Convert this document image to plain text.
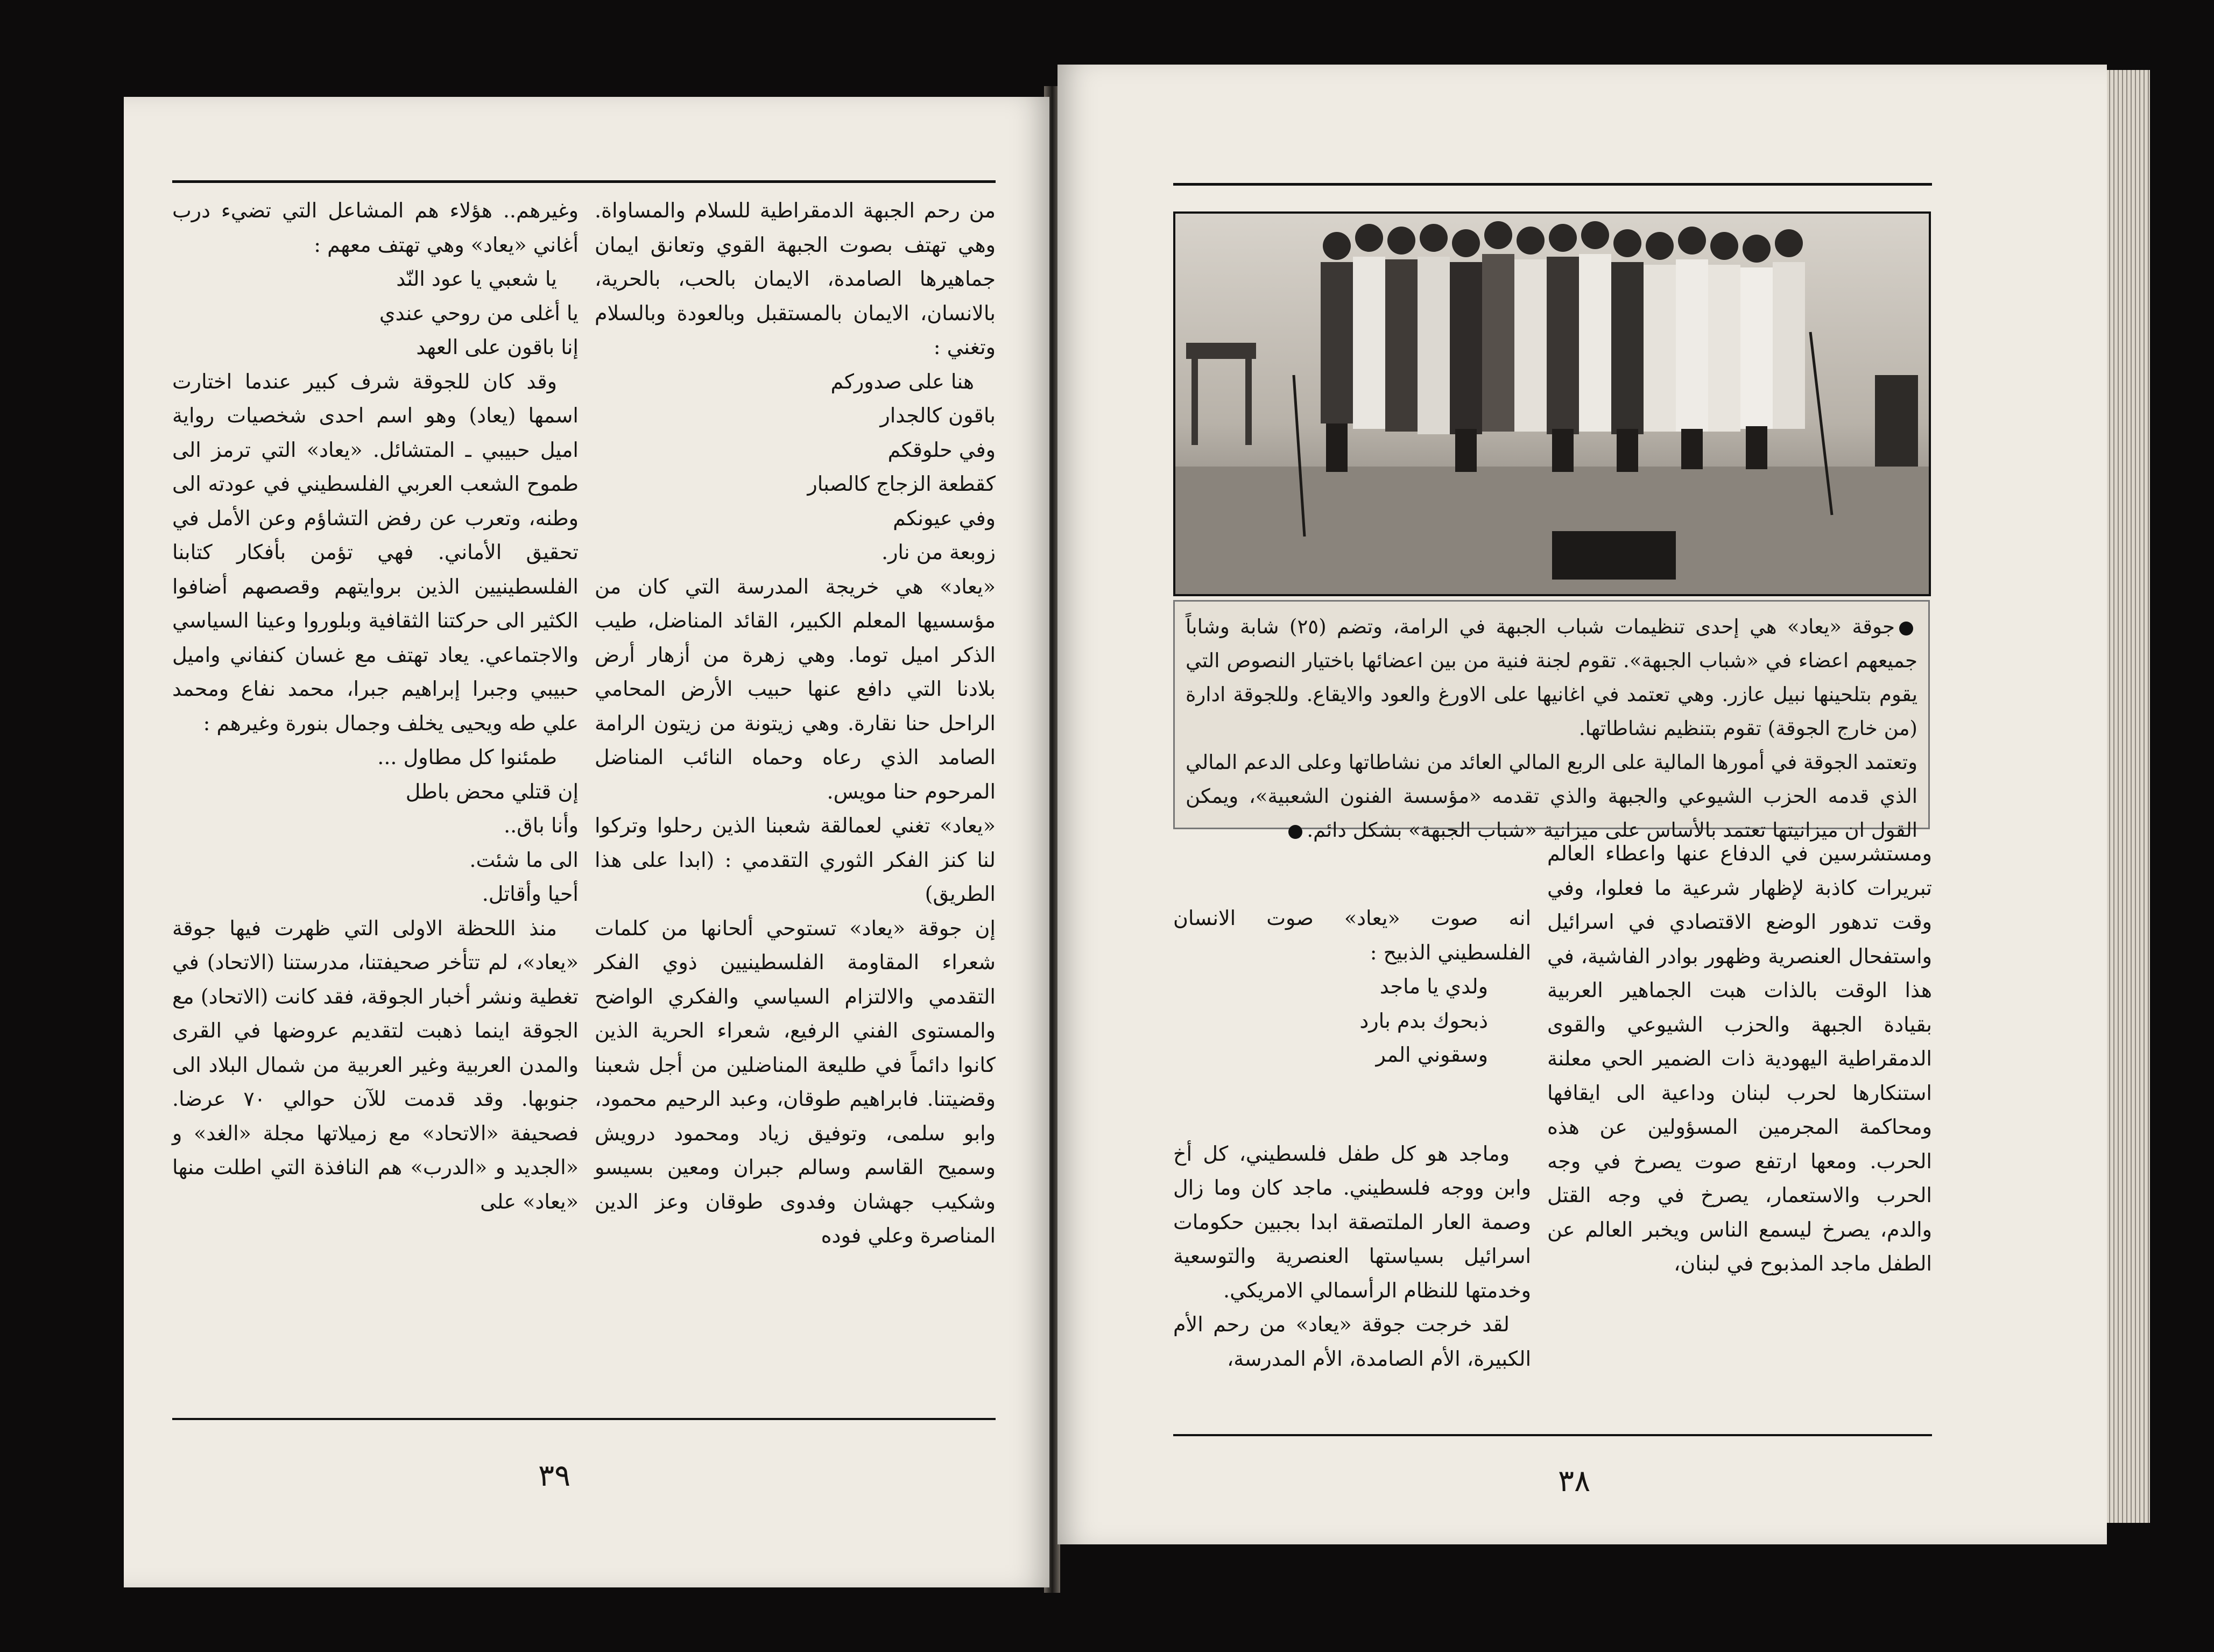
من رحم الجبهة الدمقراطية للسلام والمساواة. وهي تهتف بصوت الجبهة القوي وتعانق ايمان جماهيرها الصامدة، الايمان بالحب، بالحرية، بالانسان، الايمان بالمستقبل وبالعودة وبالسلام وتغني :

هنا على صدوركم
باقون كالجدار
وفي حلوقكم
كقطعة الزجاج كالصبار
وفي عيونكم
زوبعة من نار.

«يعاد» هي خريجة المدرسة التي كان من مؤسسيها المعلم الكبير، القائد المناضل، طيب الذكر اميل توما. وهي زهرة من أزهار أرض بلادنا التي دافع عنها حبيب الأرض المحامي الراحل حنا نقارة. وهي زيتونة من زيتون الرامة الصامد الذي رعاه وحماه النائب المناضل المرحوم حنا مويس.

«يعاد» تغني لعمالقة شعبنا الذين رحلوا وتركوا لنا كنز الفكر الثوري التقدمي : (ابدا على هذا الطريق)

إن جوقة «يعاد» تستوحي ألحانها من كلمات شعراء المقاومة الفلسطينيين ذوي الفكر التقدمي والالتزام السياسي والفكري الواضح والمستوى الفني الرفيع، شعراء الحرية الذين كانوا دائماً في طليعة المناضلين من أجل شعبنا وقضيتنا. فابراهيم طوقان، وعبد الرحيم محمود، وابو سلمى، وتوفيق زياد ومحمود درويش وسميح القاسم وسالم جبران ومعين بسيسو وشكيب جهشان وفدوى طوقان وعز الدين المناصرة وعلي فوده

وغيرهم.. هؤلاء هم المشاعل التي تضيء درب أغاني «يعاد» وهي تهتف معهم :

يا شعبي يا عود النّد
يا أغلى من روحي عندي
إنا باقون على العهد

وقد كان للجوقة شرف كبير عندما اختارت اسمها (يعاد) وهو اسم احدى شخصيات رواية اميل حبيبي ـ المتشائل. «يعاد» التي ترمز الى طموح الشعب العربي الفلسطيني في عودته الى وطنه، وتعرب عن رفض التشاؤم وعن الأمل في تحقيق الأماني. فهي تؤمن بأفكار كتابنا الفلسطينيين الذين بروايتهم وقصصهم أضافوا الكثير الى حركتنا الثقافية وبلوروا وعينا السياسي والاجتماعي. يعاد تهتف مع غسان كنفاني واميل حبيبي وجبرا إبراهيم جبرا، محمد نفاع ومحمد علي طه ويحيى يخلف وجمال بنورة وغيرهم :

طمئنوا كل مطاول ...
إن قتلي محض باطل
وأنا باق..
الى ما شئت.
أحيا وأقاتل.

منذ اللحظة الاولى التي ظهرت فيها جوقة «يعاد»، لم تتأخر صحيفتنا، مدرستنا (الاتحاد) في تغطية ونشر أخبار الجوقة، فقد كانت (الاتحاد) مع الجوقة اينما ذهبت لتقديم عروضها في القرى والمدن العربية وغير العربية من شمال البلاد الى جنوبها. وقد قدمت للآن حوالي ٧٠ عرضا. فصحيفة «الاتحاد» مع زميلاتها مجلة «الغد» و «الجديد و «الدرب» هم النافذة التي اطلت منها «يعاد» على

٣٩
جوقة «يعاد» هي إحدى تنظيمات شباب الجبهة في الرامة، وتضم (٢٥) شابة وشاباً جميعهم اعضاء في «شباب الجبهة». تقوم لجنة فنية من بين اعضائها باختيار النصوص التي يقوم بتلحينها نبيل عازر. وهي تعتمد في اغانيها على الاورغ والعود والايقاع. وللجوقة ادارة (من خارج الجوقة) تقوم بتنظيم نشاطاتها.
وتعتمد الجوقة في أمورها المالية على الربع المالي العائد من نشاطاتها وعلى الدعم المالي الذي قدمه الحزب الشيوعي والجبهة والذي تقدمه «مؤسسة الفنون الشعبية»، ويمكن القول ان ميزانيتها تعتمد بالأساس على ميزانية «شباب الجبهة» بشكل دائم.

ومستشرسين في الدفاع عنها واعطاء العالم تبريرات كاذبة لإظهار شرعية ما فعلوا، وفي وقت تدهور الوضع الاقتصادي في اسرائيل واستفحال العنصرية وظهور بوادر الفاشية، في هذا الوقت بالذات هبت الجماهير العربية بقيادة الجبهة والحزب الشيوعي والقوى الدمقراطية اليهودية ذات الضمير الحي معلنة استنكارها لحرب لبنان وداعية الى ايقافها ومحاكمة المجرمين المسؤولين عن هذه الحرب. ومعها ارتفع صوت يصرخ في وجه الحرب والاستعمار، يصرخ في وجه القتل والدم، يصرخ ليسمع الناس ويخبر العالم عن الطفل ماجد المذبوح في لبنان،

انه صوت «يعاد» صوت الانسان الفلسطيني الذبيح :

ولدي يا ماجد
ذبحوك بدم بارد
وسقوني المر

وماجد هو كل طفل فلسطيني، كل أخ وابن ووجه فلسطيني. ماجد كان وما زال وصمة العار الملتصقة ابدا بجبين حكومات اسرائيل بسياستها العنصرية والتوسعية وخدمتها للنظام الرأسمالي الامريكي.

لقد خرجت جوقة «يعاد» من رحم الأم الكبيرة، الأم الصامدة، الأم المدرسة،

٣٨
